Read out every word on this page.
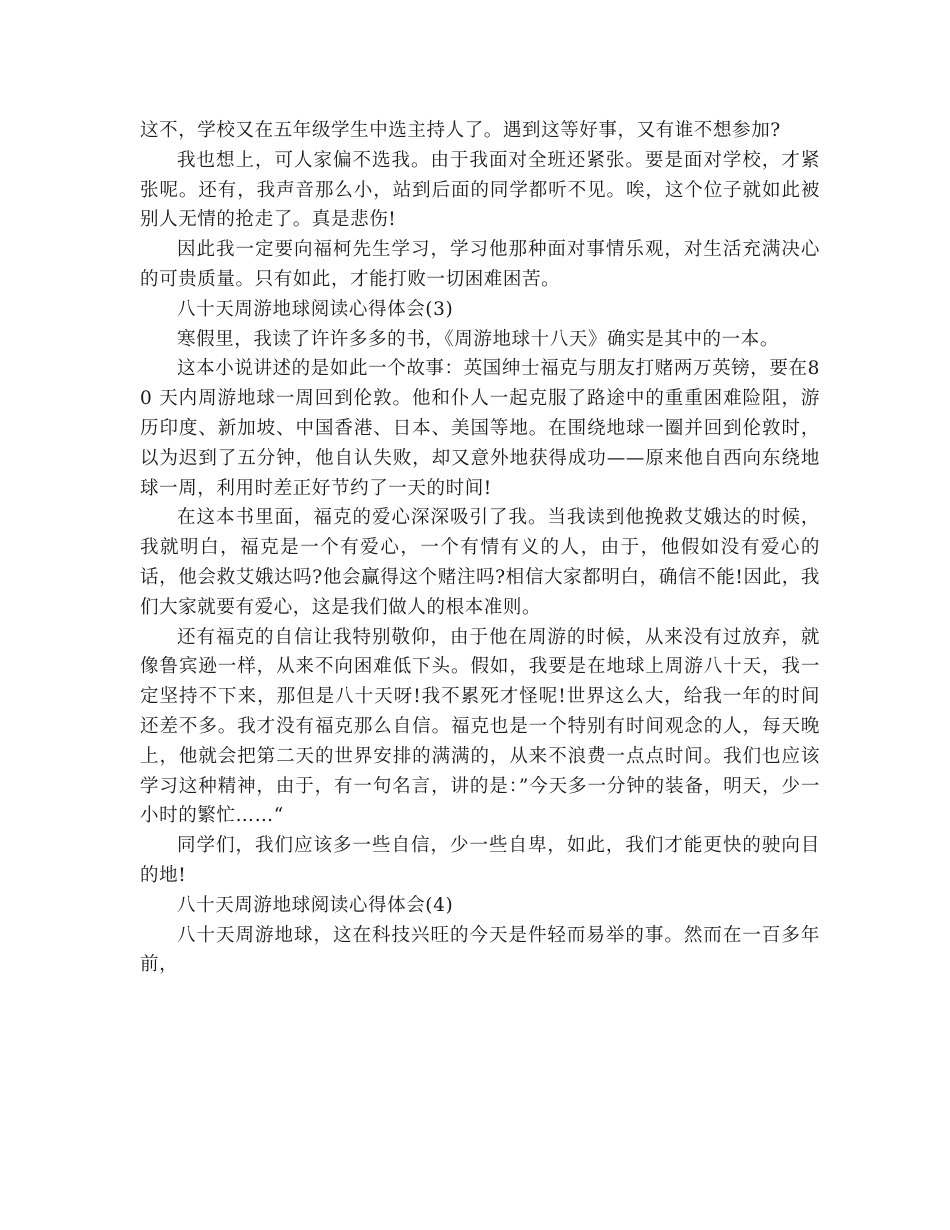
这不，学校又在五年级学生中选主持人了。遇到这等好事，又有谁不想参加?

我也想上，可人家偏不选我。由于我面对全班还紧张。要是面对学校，才紧张呢。还有，我声音那么小，站到后面的同学都听不见。唉，这个位子就如此被别人无情的抢走了。真是悲伤!

因此我一定要向福柯先生学习，学习他那种面对事情乐观，对生活充满决心的可贵质量。只有如此，才能打败一切困难困苦。

八十天周游地球阅读心得体会(3)

寒假里，我读了许许多多的书，《周游地球十八天》确实是其中的一本。

这本小说讲述的是如此一个故事：英国绅士福克与朋友打赌两万英镑，要在80 天内周游地球一周回到伦敦。他和仆人一起克服了路途中的重重困难险阻，游历印度、新加坡、中国香港、日本、美国等地。在围绕地球一圈并回到伦敦时，以为迟到了五分钟，他自认失败，却又意外地获得成功——原来他自西向东绕地球一周，利用时差正好节约了一天的时间!

在这本书里面，福克的爱心深深吸引了我。当我读到他挽救艾娥达的时候，我就明白，福克是一个有爱心，一个有情有义的人，由于，他假如没有爱心的话，他会救艾娥达吗?他会赢得这个赌注吗?相信大家都明白，确信不能!因此，我们大家就要有爱心，这是我们做人的根本准则。

还有福克的自信让我特别敬仰，由于他在周游的时候，从来没有过放弃，就像鲁宾逊一样，从来不向困难低下头。假如，我要是在地球上周游八十天，我一定坚持不下来，那但是八十天呀!我不累死才怪呢!世界这么大，给我一年的时间还差不多。我才没有福克那么自信。福克也是一个特别有时间观念的人，每天晚上，他就会把第二天的世界安排的满满的，从来不浪费一点点时间。我们也应该学习这种精神，由于，有一句名言，讲的是：”今天多一分钟的装备，明天，少一小时的繁忙……“

同学们，我们应该多一些自信，少一些自卑，如此，我们才能更快的驶向目的地!

八十天周游地球阅读心得体会(4)

八十天周游地球，这在科技兴旺的今天是件轻而易举的事。然而在一百多年前，
